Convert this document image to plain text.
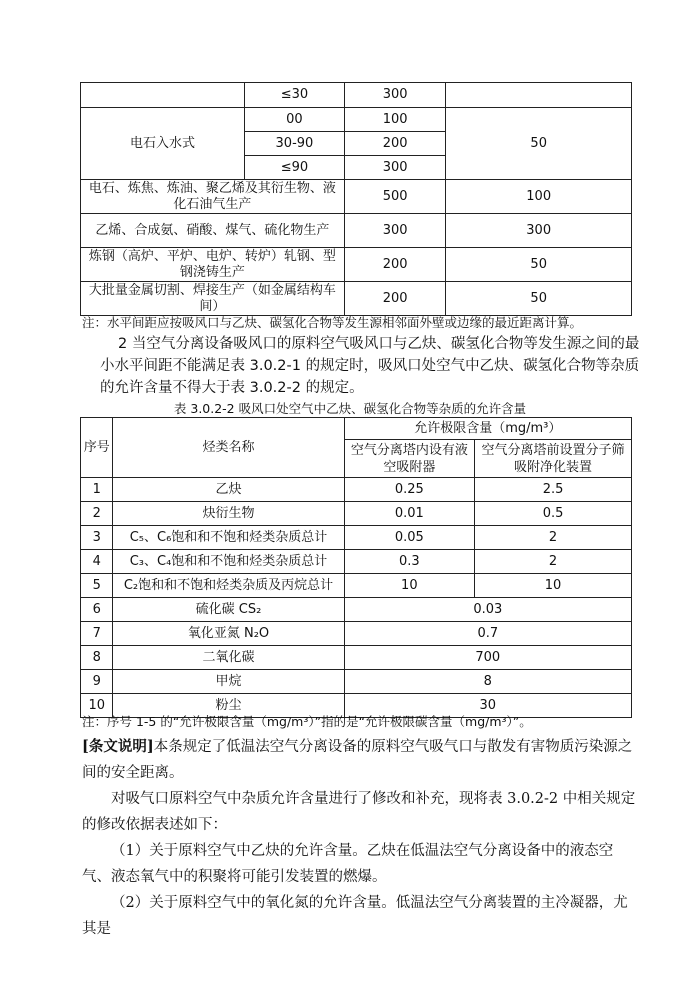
	≤30	300	
电石入水式	00	100	50
	30-90	200	
	≤90	300	
电石、炼焦、炼油、聚乙烯及其衍生物、液化石油气生产		500	100
乙烯、合成氨、硝酸、煤气、硫化物生产		300	300
炼钢（高炉、平炉、电炉、转炉）轧钢、型钢浇铸生产		200	50
大批量金属切割、焊接生产（如金属结构车间）		200	50
注：水平间距应按吸风口与乙炔、碳氢化合物等发生源相邻面外壁或边缘的最近距离计算。
2 当空气分离设备吸风口的原料空气吸风口与乙炔、碳氢化合物等发生源之间的最小水平间距不能满足表 3.0.2-1 的规定时，吸风口处空气中乙炔、碳氢化合物等杂质的允许含量不得大于表 3.0.2-2 的规定。
表 3.0.2-2 吸风口处空气中乙炔、碳氢化合物等杂质的允许含量
序号	烃类名称	允许极限含量（mg/m³）	
		空气分离塔内设有液空吸附器	空气分离塔前设置分子筛吸附净化装置
1	乙炔	0.25	2.5
2	炔衍生物	0.01	0.5
3	C₅、C₆饱和和不饱和烃类杂质总计	0.05	2
4	C₃、C₄饱和和不饱和烃类杂质总计	0.3	2
5	C₂饱和和不饱和烃类杂质及丙烷总计	10	10
6	硫化碳 CS₂	0.03	
7	氧化亚氮 N₂O	0.7	
8	二氧化碳	700	
9	甲烷	8	
10	粉尘	30	
注：序号 1-5 的“允许极限含量（mg/m³）”指的是“允许极限碳含量（mg/m³）”。
[条文说明]本条规定了低温法空气分离设备的原料空气吸气口与散发有害物质污染源之间的安全距离。
对吸气口原料空气中杂质允许含量进行了修改和补充，现将表 3.0.2-2 中相关规定的修改依据表述如下：
（1）关于原料空气中乙炔的允许含量。乙炔在低温法空气分离设备中的液态空气、液态氧气中的积聚将可能引发装置的燃爆。
（2）关于原料空气中的氧化氮的允许含量。低温法空气分离装置的主冷凝器，尤其是
